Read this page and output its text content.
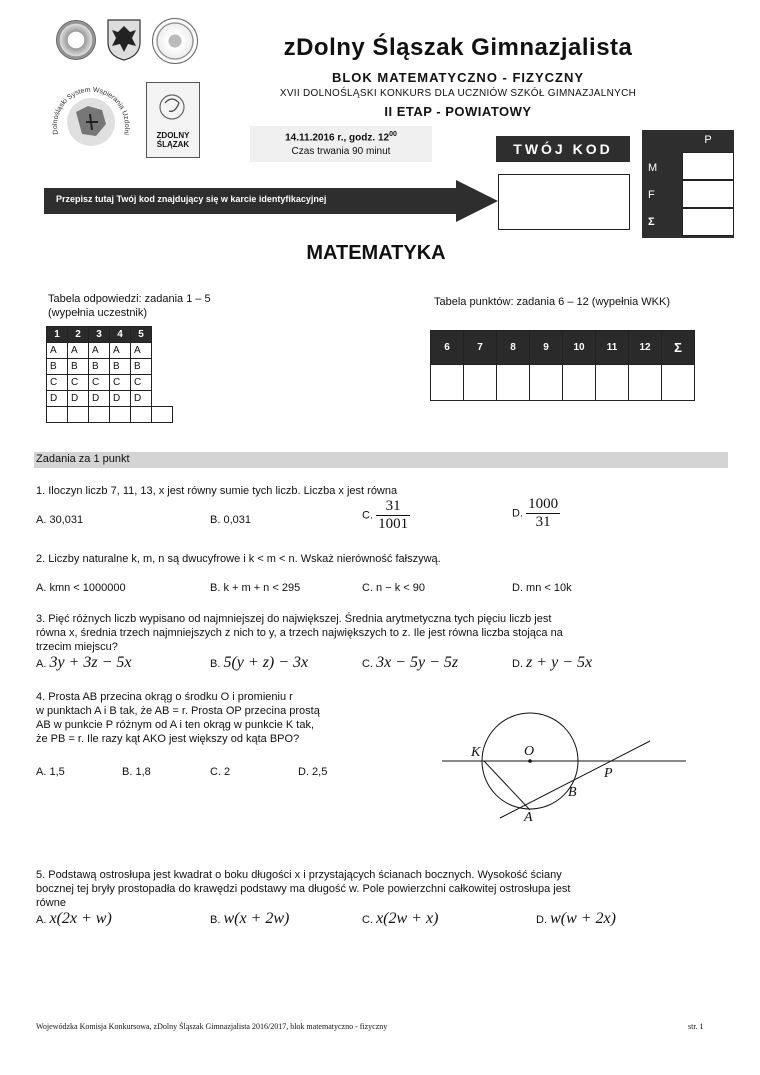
Dolnośląski System Wspierania Uzdolni	ZDOLNY ŚLĄZAK
zDolny Śląszak Gimnazjalista
BLOK MATEMATYCZNO - FIZYCZNY
XVII DOLNOŚLĄSKI KONKURS DLA UCZNIÓW SZKÓŁ GIMNAZJALNYCH
II ETAP - POWIATOWY
14.11.2016 r., godz. $12^{00}$
Czas trwania 90 minut	TWÓJ KOD
Przepisz tutaj Twój kod znajdujący się w karcie identyfikacyjnej
P
M
F
Σ
MATEMATYKA
Tabela odpowiedzi: zadania 1 – 5
(wypełnia uczestnik)
1	2	3	4	5	
A	A	A	A	A	
B	B	B	B	B	
C	C	C	C	C	
D	D	D	D	D	

Tabela punktów: zadania 6 – 12 (wypełnia WKK)
6	7	8	9	10	11	12	Σ

Zadania za 1 punkt
1. Iloczyn liczb 7, 11, 13, x jest równy sumie tych liczb. Liczba x jest równa
A. 30,031	B. 0,031	C. $\frac{31}{1001}$	D. $\frac{1000}{31}$
2. Liczby naturalne k, m, n są dwucyfrowe i k < m < n. Wskaż nierówność fałszywą.
A. kmn < 1000000	B. k + m + n < 295	C. n − k < 90	D. mn < 10k
3. Pięć różnych liczb wypisano od najmniejszej do największej. Średnia arytmetyczna tych pięciu liczb jest
równa x, średnia trzech najmniejszych z nich to y, a trzech największych to z. Ile jest równa liczba stojąca na
trzecim miejscu?
A. 3y + 3z − 5x	B. 5(y + z) − 3x	C. 3x − 5y − 5z	D. z + y − 5x
4. Prosta AB przecina okrąg o środku O i promieniu r
w punktach A i B tak, że AB = r. Prosta OP przecina prostą
AB w punkcie P różnym od A i ten okrąg w punkcie K tak,
że PB = r. Ile razy kąt AKO jest większy od kąta BPO?
A. 1,5	B. 1,8	C. 2	D. 2,5
K	O
P
B
A
5. Podstawą ostrosłupa jest kwadrat o boku długości x i przystających ścianach bocznych. Wysokość ściany
bocznej tej bryły prostopadła do krawędzi podstawy ma długość w. Pole powierzchni całkowitej ostrosłupa jest
równe
A. x(2x + w)	B. w(x + 2w)	C. x(2w + x)	D. w(w + 2x)
Wojewódzka Komisja Konkursowa, zDolny Śląszak Gimnazjalista 2016/2017, blok matematyczno - fizyczny	str. 1
